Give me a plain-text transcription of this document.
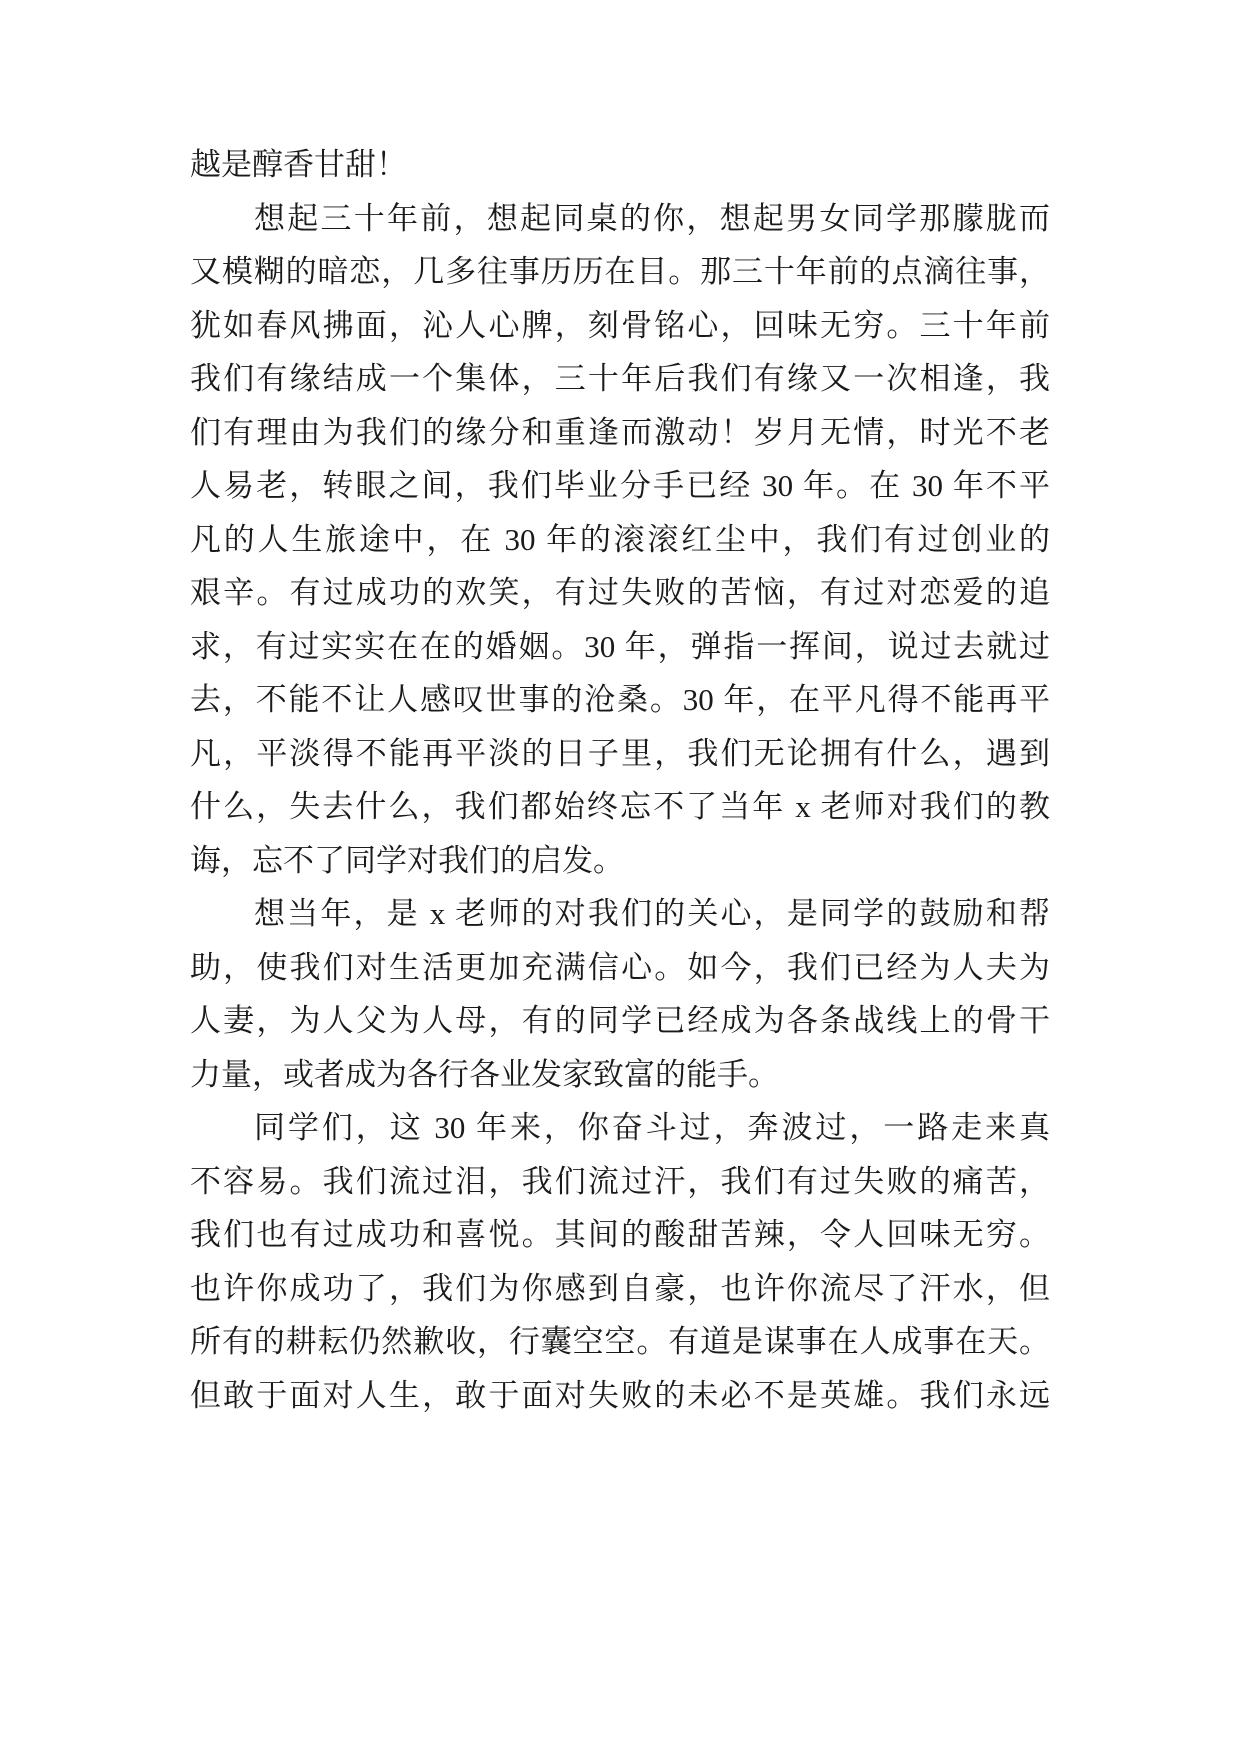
越是醇香甘甜！
想起三十年前，想起同桌的你，想起男女同学那朦胧而
又模糊的暗恋，几多往事历历在目。那三十年前的点滴往事，
犹如春风拂面，沁人心脾，刻骨铭心，回味无穷。三十年前
我们有缘结成一个集体，三十年后我们有缘又一次相逢，我
们有理由为我们的缘分和重逢而激动！岁月无情，时光不老
人易老，转眼之间，我们毕业分手已经 30 年。在 30 年不平
凡的人生旅途中，在 30 年的滚滚红尘中，我们有过创业的
艰辛。有过成功的欢笑，有过失败的苦恼，有过对恋爱的追
求，有过实实在在的婚姻。30 年，弹指一挥间，说过去就过
去，不能不让人感叹世事的沧桑。30 年，在平凡得不能再平
凡，平淡得不能再平淡的日子里，我们无论拥有什么，遇到
什么，失去什么，我们都始终忘不了当年 x 老师对我们的教
诲，忘不了同学对我们的启发。
想当年，是 x 老师的对我们的关心，是同学的鼓励和帮
助，使我们对生活更加充满信心。如今，我们已经为人夫为
人妻，为人父为人母，有的同学已经成为各条战线上的骨干
力量，或者成为各行各业发家致富的能手。
同学们，这 30 年来，你奋斗过，奔波过，一路走来真
不容易。我们流过泪，我们流过汗，我们有过失败的痛苦，
我们也有过成功和喜悦。其间的酸甜苦辣，令人回味无穷。
也许你成功了，我们为你感到自豪，也许你流尽了汗水，但
所有的耕耘仍然歉收，行囊空空。有道是谋事在人成事在天。
但敢于面对人生，敢于面对失败的未必不是英雄。我们永远
